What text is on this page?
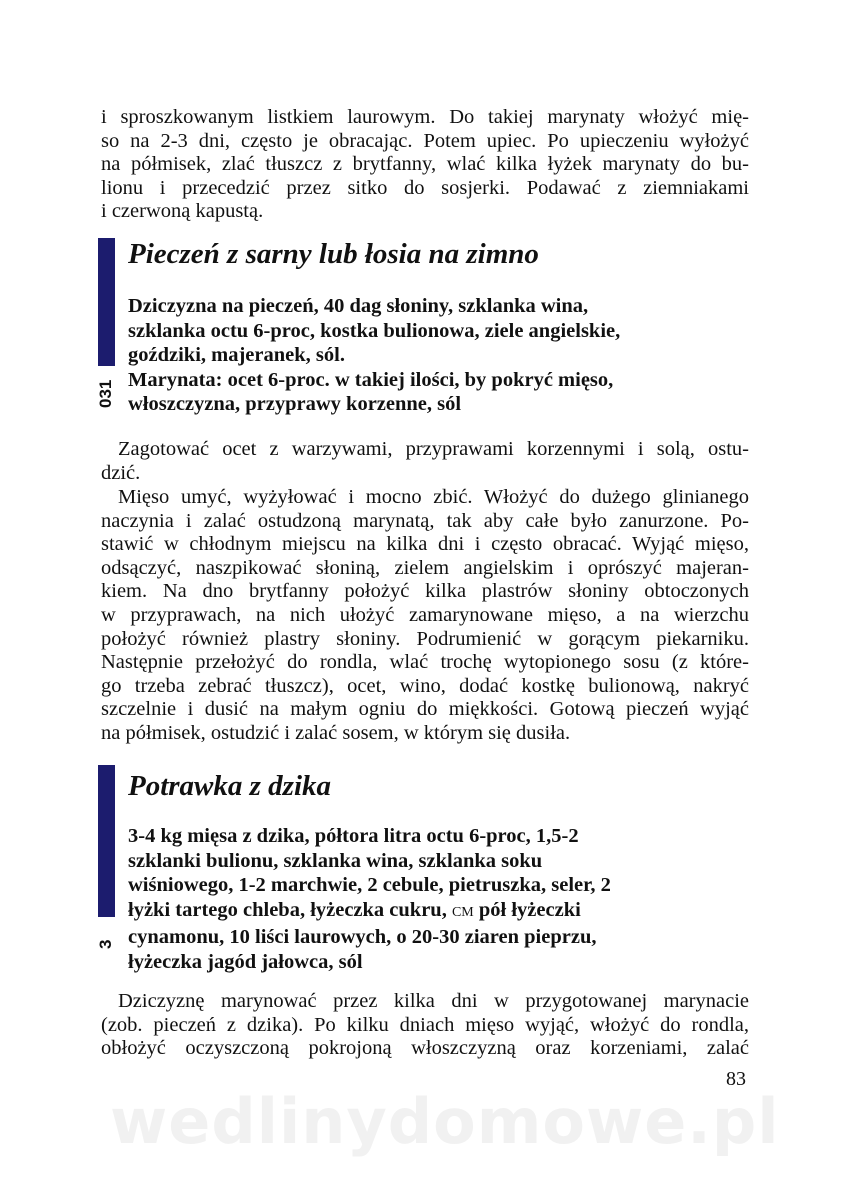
i sproszkowanym listkiem laurowym. Do takiej marynaty włożyć mię-
so na 2-3 dni, często je obracając. Potem upiec. Po upieczeniu wyłożyć
na półmisek, zlać tłuszcz z brytfanny, wlać kilka łyżek marynaty do bu-
lionu i przecedzić przez sitko do sosjerki. Podawać z ziemniakami
i czerwoną kapustą.
031
Pieczeń z sarny lub łosia na zimno
Dziczyzna na pieczeń, 40 dag słoniny, szklanka wina,
szklanka octu 6-proc, kostka bulionowa, ziele angielskie,
goździki, majeranek, sól.
Marynata: ocet 6-proc. w takiej ilości, by pokryć mięso,
włoszczyzna, przyprawy korzenne, sól
Zagotować ocet z warzywami, przyprawami korzennymi i solą, ostu-
dzić.
Mięso umyć, wyżyłować i mocno zbić. Włożyć do dużego glinianego
naczynia i zalać ostudzoną marynatą, tak aby całe było zanurzone. Po-
stawić w chłodnym miejscu na kilka dni i często obracać. Wyjąć mięso,
odsączyć, naszpikować słoniną, zielem angielskim i oprószyć majeran-
kiem. Na dno brytfanny położyć kilka plastrów słoniny obtoczonych
w przyprawach, na nich ułożyć zamarynowane mięso, a na wierzchu
położyć również plastry słoniny. Podrumienić w gorącym piekarniku.
Następnie przełożyć do rondla, wlać trochę wytopionego sosu (z które-
go trzeba zebrać tłuszcz), ocet, wino, dodać kostkę bulionową, nakryć
szczelnie i dusić na małym ogniu do miękkości. Gotową pieczeń wyjąć
na półmisek, ostudzić i zalać sosem, w którym się dusiła.
3
Potrawka z dzika
3-4 kg mięsa z dzika, półtora litra octu 6-proc, 1,5-2
szklanki bulionu, szklanka wina, szklanka soku
wiśniowego, 1-2 marchwie, 2 cebule, pietruszka, seler, 2
łyżki tartego chleba, łyżeczka cukru, CM pół łyżeczki
cynamonu, 10 liści laurowych, o 20-30 ziaren pieprzu,
łyżeczka jagód jałowca, sól
Dziczyznę marynować przez kilka dni w przygotowanej marynacie
(zob. pieczeń z dzika). Po kilku dniach mięso wyjąć, włożyć do rondla,
obłożyć oczyszczoną pokrojoną włoszczyzną oraz korzeniami, zalać
83
wedlinydomowe.pl
